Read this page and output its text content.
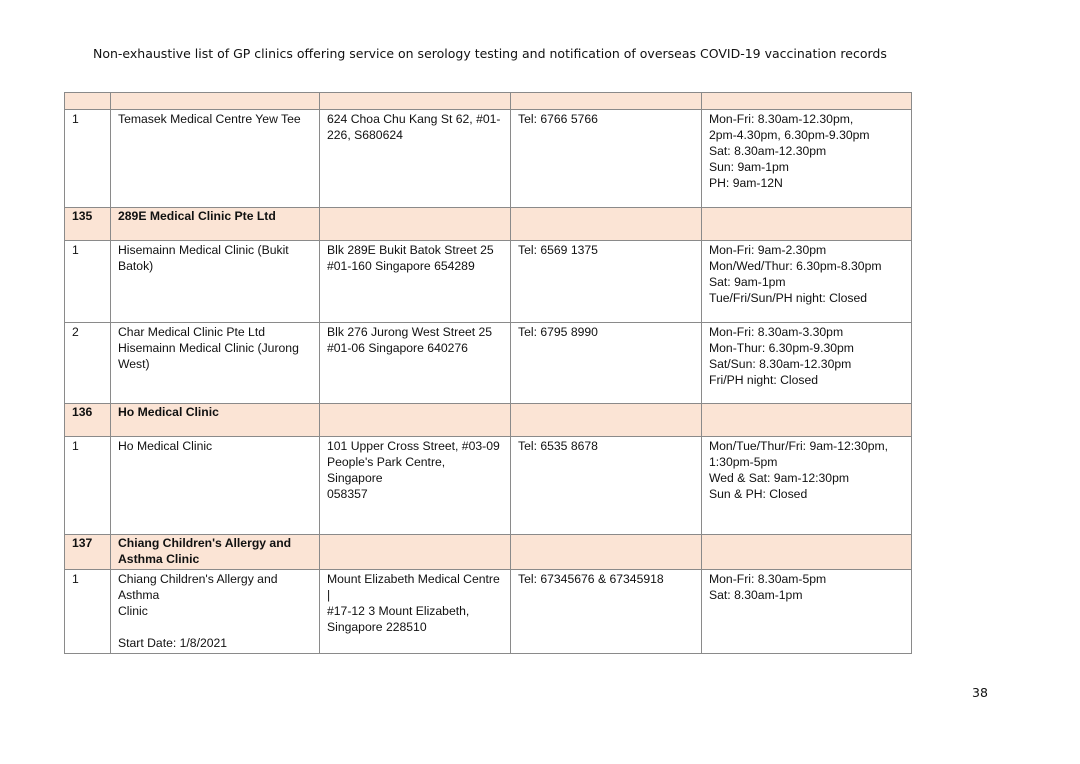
Non-exhaustive list of GP clinics offering service on serology testing and notification of overseas COVID-19 vaccination records

1	Temasek Medical Centre Yew Tee	624 Choa Chu Kang St 62, #01-
226, S680624	Tel: 6766 5766	Mon-Fri: 8.30am-12.30pm,
2pm-4.30pm, 6.30pm-9.30pm
Sat: 8.30am-12.30pm
Sun: 9am-1pm
PH: 9am-12N
135	289E Medical Clinic Pte Ltd			
1	Hisemainn Medical Clinic (Bukit
Batok)	Blk 289E Bukit Batok Street 25
#01-160 Singapore 654289	Tel: 6569 1375	Mon-Fri: 9am-2.30pm
Mon/Wed/Thur: 6.30pm-8.30pm
Sat: 9am-1pm
Tue/Fri/Sun/PH night: Closed
2	Char Medical Clinic Pte Ltd
Hisemainn Medical Clinic (Jurong
West)	Blk 276 Jurong West Street 25
#01-06 Singapore 640276	Tel: 6795 8990	Mon-Fri: 8.30am-3.30pm
Mon-Thur: 6.30pm-9.30pm
Sat/Sun: 8.30am-12.30pm
Fri/PH night: Closed
136	Ho Medical Clinic			
1	Ho Medical Clinic	101 Upper Cross Street, #03-09
People's Park Centre, Singapore
058357	Tel: 6535 8678	Mon/Tue/Thur/Fri: 9am-12:30pm,
1:30pm-5pm
Wed & Sat: 9am-12:30pm
Sun & PH: Closed
137	Chiang Children's Allergy and
Asthma Clinic			
1	Chiang Children's Allergy and Asthma
Clinic
Start Date: 1/8/2021	Mount Elizabeth Medical Centre |
#17-12 3 Mount Elizabeth,
Singapore 228510	Tel: 67345676 & 67345918	Mon-Fri: 8.30am-5pm
Sat: 8.30am-1pm
38
